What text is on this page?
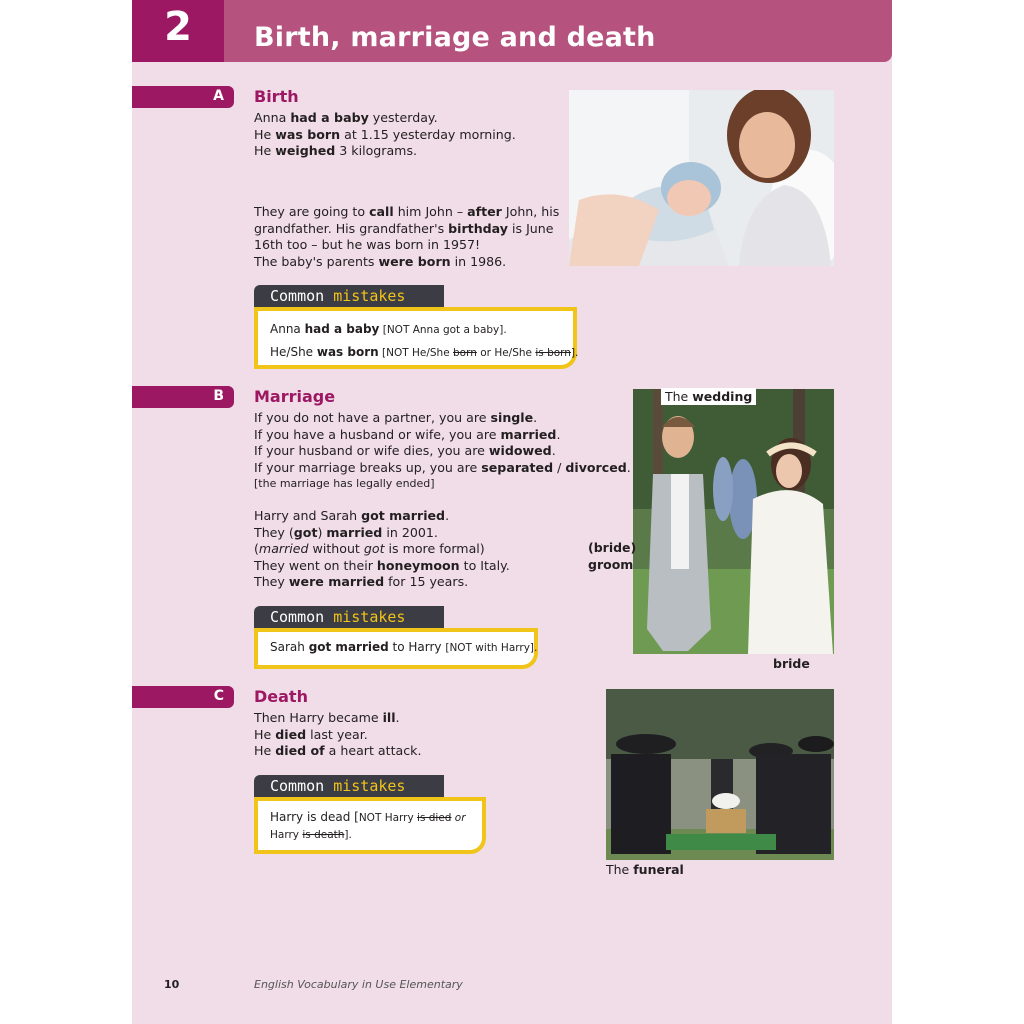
2	Birth, marriage and death
A Birth

Anna had a baby yesterday.

He was born at 1.15 yesterday morning.

He weighed 3 kilograms.

They are going to call him John – after John, his

grandfather. His grandfather's birthday is June

16th too – but he was born in 1957!

The baby's parents were born in 1986.

Common mistakes

Anna had a baby [NOT Anna got a baby].

He/She was born [NOT He/She born or He/She is born].

B Marriage

If you do not have a partner, you are single.

If you have a husband or wife, you are married.

If your husband or wife dies, you are widowed.

If your marriage breaks up, you are separated / divorced.

[the marriage has legally ended]

Harry and Sarah got married.

They (got) married in 2001.

(married without got is more formal)

They went on their honeymoon to Italy.

They were married for 15 years.

Common mistakes

Sarah got married to Harry [NOT with Harry].

The wedding
(bride)
groom
bride
C Death

Then Harry became ill.

He died last year.

He died of a heart attack.

Common mistakes

Harry is dead [NOT Harry is died or

Harry is death].

The funeral
10	English Vocabulary in Use Elementary
